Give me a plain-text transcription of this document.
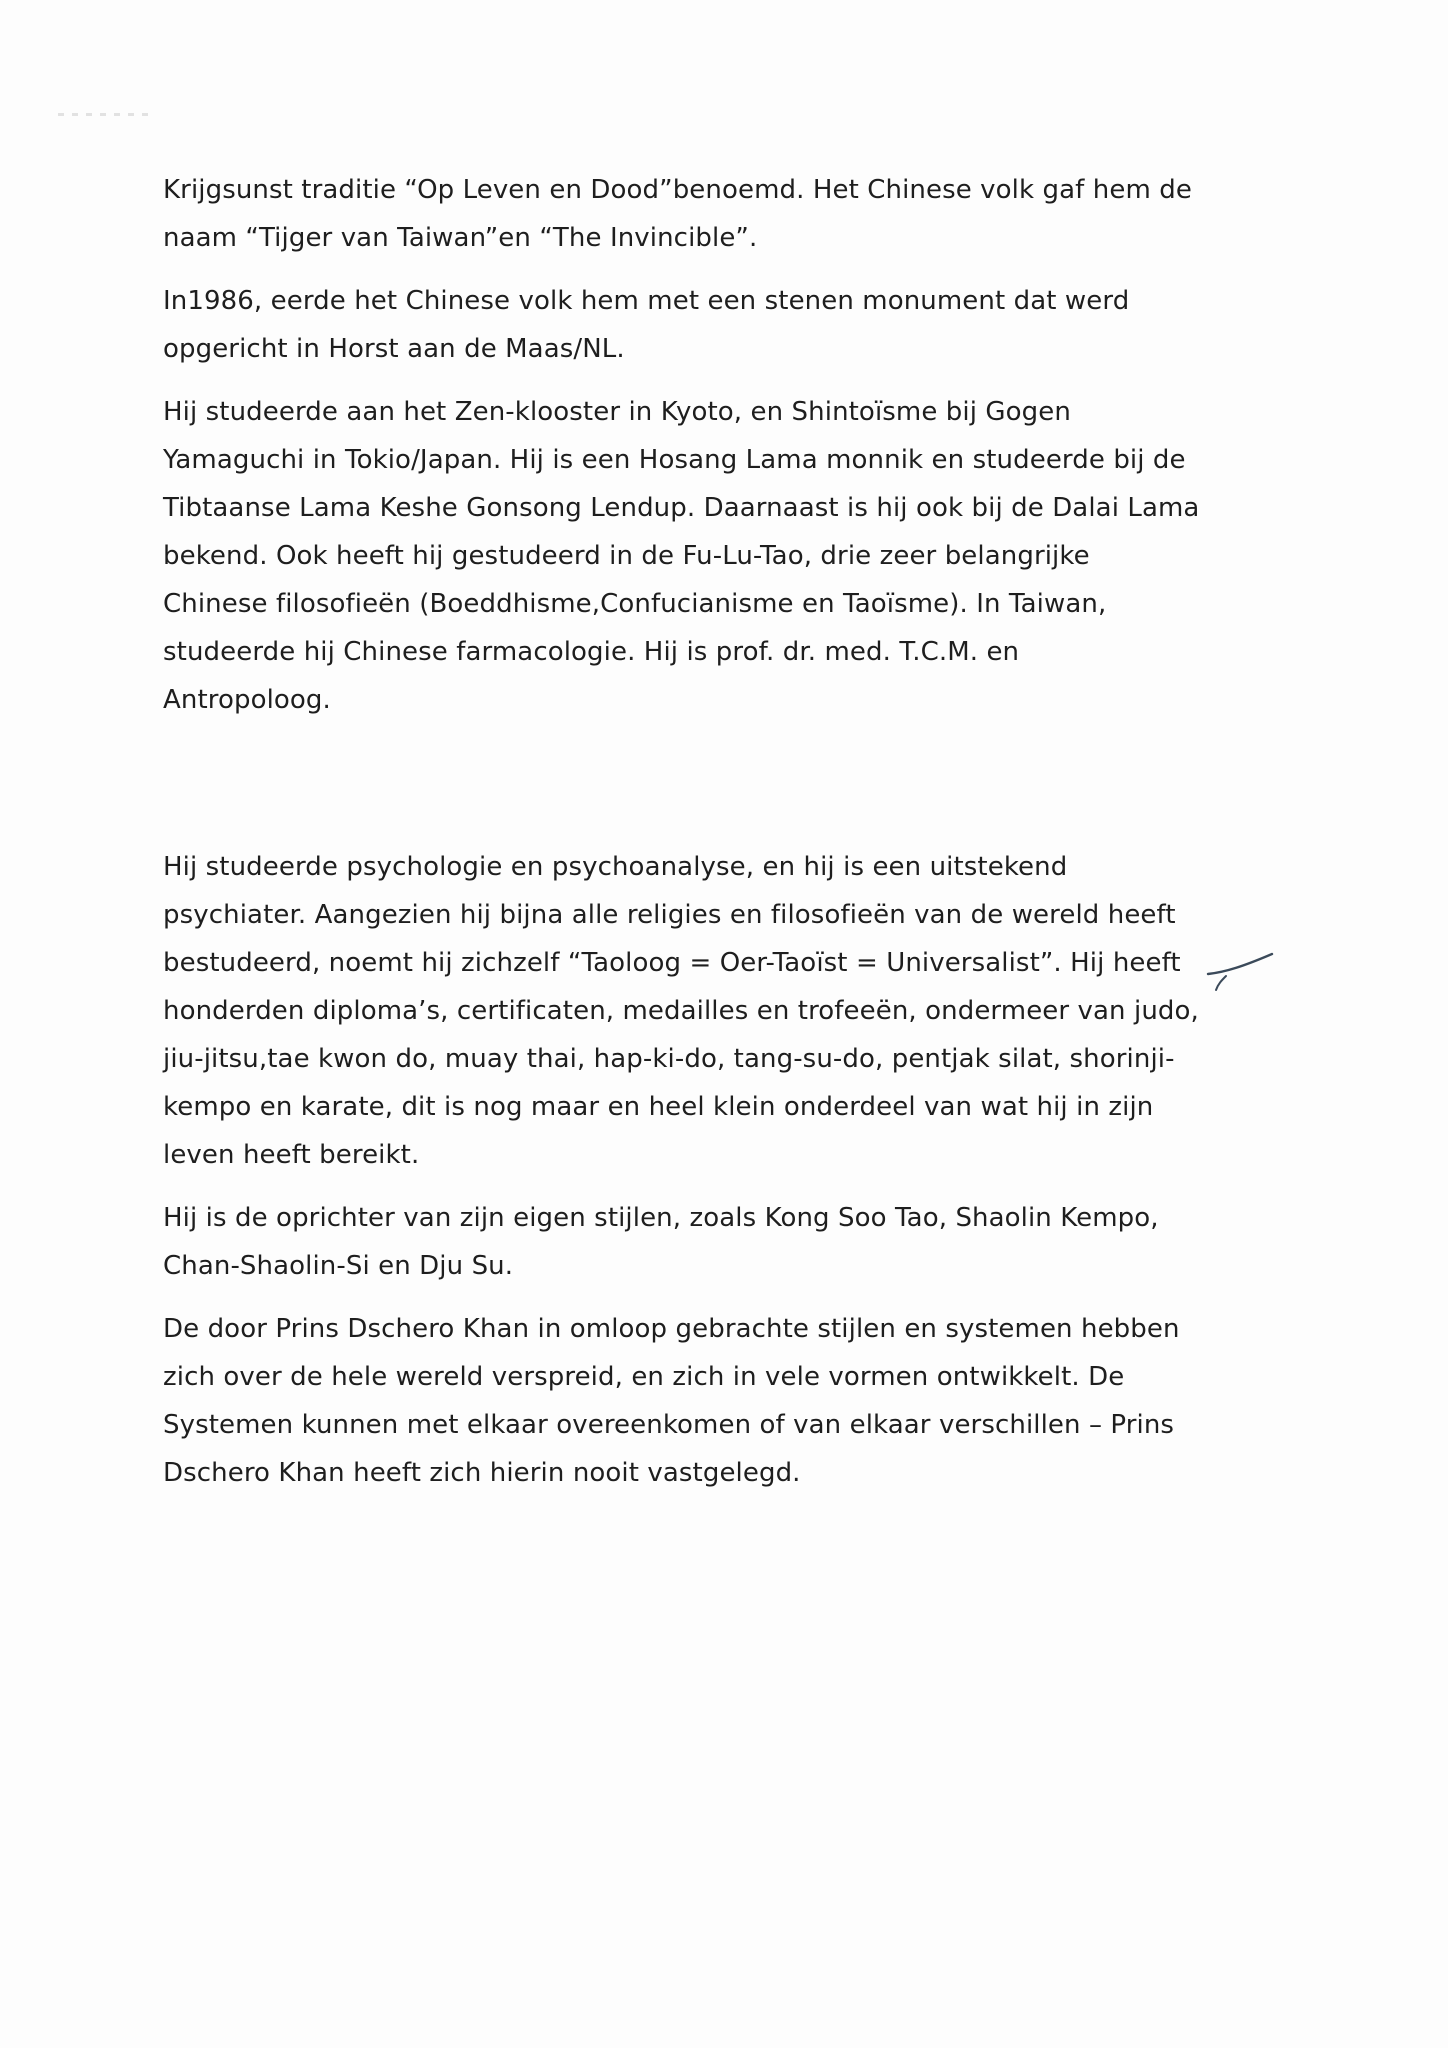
Krijgsunst traditie “Op Leven en Dood”benoemd. Het Chinese volk gaf hem de
naam “Tijger van Taiwan”en “The Invincible”.

In1986, eerde het Chinese volk hem met een stenen monument dat werd
opgericht in Horst aan de Maas/NL.

Hij studeerde aan het Zen-klooster in Kyoto, en Shintoïsme bij Gogen
Yamaguchi in Tokio/Japan. Hij is een Hosang Lama monnik en studeerde bij de
Tibtaanse Lama Keshe Gonsong Lendup. Daarnaast is hij ook bij de Dalai Lama
bekend. Ook heeft hij gestudeerd in de Fu-Lu-Tao, drie zeer belangrijke
Chinese filosofieën (Boeddhisme,Confucianisme en Taoïsme). In Taiwan,
studeerde hij Chinese farmacologie. Hij is prof. dr. med. T.C.M. en
Antropoloog.

Hij studeerde psychologie en psychoanalyse, en hij is een uitstekend
psychiater. Aangezien hij bijna alle religies en filosofieën van de wereld heeft
bestudeerd, noemt hij zichzelf “Taoloog = Oer-Taoïst = Universalist”. Hij heeft
honderden diploma’s, certificaten, medailles en trofeeën, ondermeer van judo,
jiu-jitsu,tae kwon do, muay thai, hap-ki-do, tang-su-do, pentjak silat, shorinji-
kempo en karate, dit is nog maar en heel klein onderdeel van wat hij in zijn
leven heeft bereikt.

Hij is de oprichter van zijn eigen stijlen, zoals Kong Soo Tao, Shaolin Kempo,
Chan-Shaolin-Si en Dju Su.

De door Prins Dschero Khan in omloop gebrachte stijlen en systemen hebben
zich over de hele wereld verspreid, en zich in vele vormen ontwikkelt. De
Systemen kunnen met elkaar overeenkomen of van elkaar verschillen – Prins
Dschero Khan heeft zich hierin nooit vastgelegd.
